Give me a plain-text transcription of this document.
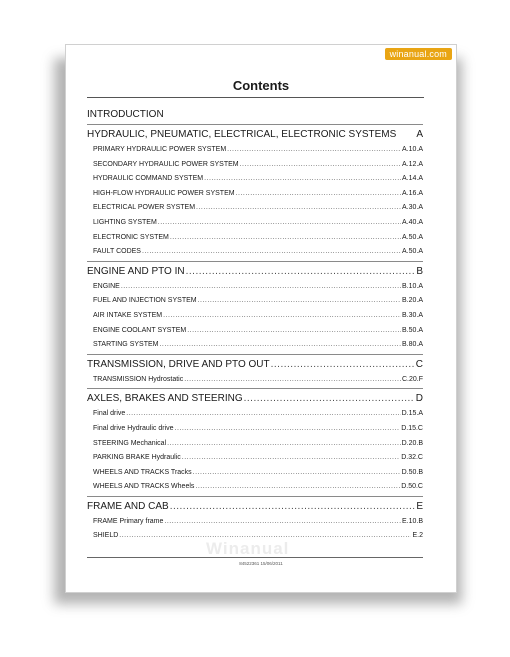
winanual.com
Contents
INTRODUCTION
HYDRAULIC, PNEUMATIC, ELECTRICAL, ELECTRONIC SYSTEMS A
PRIMARY HYDRAULIC POWER SYSTEM .....	A.10.A
SECONDARY HYDRAULIC POWER SYSTEM .....	A.12.A
HYDRAULIC COMMAND SYSTEM .....	A.14.A
HIGH-FLOW HYDRAULIC POWER SYSTEM .....	A.16.A
ELECTRICAL POWER SYSTEM .....	A.30.A
LIGHTING SYSTEM .....	A.40.A
ELECTRONIC SYSTEM .....	A.50.A
FAULT CODES .....	A.50.A
ENGINE AND PTO IN .....	B
ENGINE .....	B.10.A
FUEL AND INJECTION SYSTEM .....	B.20.A
AIR INTAKE SYSTEM .....	B.30.A
ENGINE COOLANT SYSTEM .....	B.50.A
STARTING SYSTEM .....	B.80.A
TRANSMISSION, DRIVE AND PTO OUT .....	C
TRANSMISSION Hydrostatic .....	C.20.F
AXLES, BRAKES AND STEERING .....	D
Final drive .....	D.15.A
Final drive Hydraulic drive .....	D.15.C
STEERING Mechanical .....	D.20.B
PARKING BRAKE Hydraulic .....	D.32.C
WHEELS AND TRACKS Tracks .....	D.50.B
WHEELS AND TRACKS Wheels .....	D.50.C
FRAME AND CAB .....	E
FRAME Primary frame .....	E.10.B
SHIELD .....	E.2
Winanual
84522361 15/06/2011
